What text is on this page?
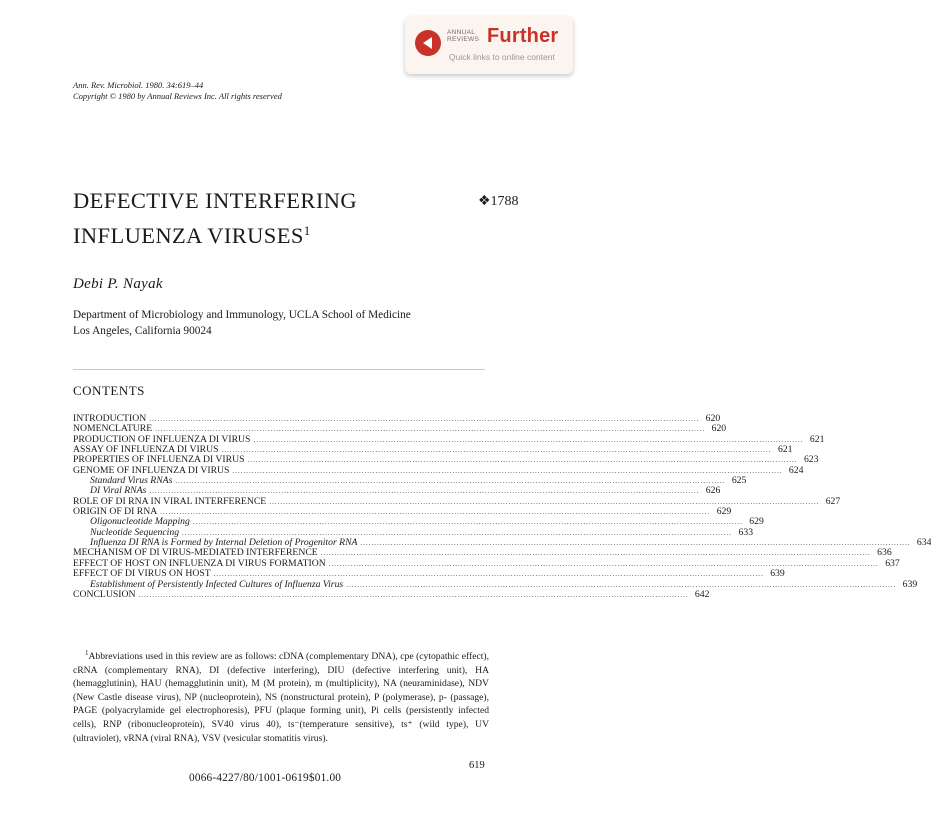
ANNUAL
REVIEWS Further
Quick links to online content
Ann. Rev. Microbiol. 1980. 34:619–44
Copyright © 1980 by Annual Reviews Inc. All rights reserved
DEFECTIVE INTERFERING
INFLUENZA VIRUSES$^1$
❖1788
Debi P. Nayak
Department of Microbiology and Immunology, UCLA School of Medicine
Los Angeles, California 90024
CONTENTS
INTRODUCTION ........................................................................................................................................................................................................ 620
NOMENCLATURE ........................................................................................................................................................................................................ 620
PRODUCTION OF INFLUENZA DI VIRUS ........................................................................................................................................................................................................ 621
ASSAY OF INFLUENZA DI VIRUS ........................................................................................................................................................................................................ 621
PROPERTIES OF INFLUENZA DI VIRUS ........................................................................................................................................................................................................ 623
GENOME OF INFLUENZA DI VIRUS ........................................................................................................................................................................................................ 624
Standard Virus RNAs ........................................................................................................................................................................................................ 625
DI Viral RNAs ........................................................................................................................................................................................................ 626
ROLE OF DI RNA IN VIRAL INTERFERENCE ........................................................................................................................................................................................................ 627
ORIGIN OF DI RNA ........................................................................................................................................................................................................ 629
Oligonucleotide Mapping ........................................................................................................................................................................................................ 629
Nucleotide Sequencing ........................................................................................................................................................................................................ 633
Influenza DI RNA is Formed by Internal Deletion of Progenitor RNA ........................................................................................................................................................................................................ 634
MECHANISM OF DI VIRUS-MEDIATED INTERFERENCE ........................................................................................................................................................................................................ 636
EFFECT OF HOST ON INFLUENZA DI VIRUS FORMATION ........................................................................................................................................................................................................ 637
EFFECT OF DI VIRUS ON HOST ........................................................................................................................................................................................................ 639
Establishment of Persistently Infected Cultures of Influenza Virus ........................................................................................................................................................................................................ 639
CONCLUSION ........................................................................................................................................................................................................ 642

$^1$Abbreviations used in this review are as follows: cDNA (complementary DNA), cpe (cytopathic effect), cRNA (complementary RNA), DI (defective interfering), DIU (defective interfering unit), HA (hemagglutinin), HAU (hemagglutinin unit), M (M protein), m (multiplicity), NA (neuraminidase), NDV (New Castle disease virus), NP (nucleoprotein), NS (nonstructural protein), P (polymerase), p- (passage), PAGE (polyacrylamide gel electrophoresis), PFU (plaque forming unit), Pi cells (persistently infected cells), RNP (ribonucleoprotein), SV40 virus 40), ts⁻(temperature sensitive), ts⁺ (wild type), UV (ultraviolet), vRNA (viral RNA), VSV (vesicular stomatitis virus).

619
0066-4227/80/1001-0619$01.00
